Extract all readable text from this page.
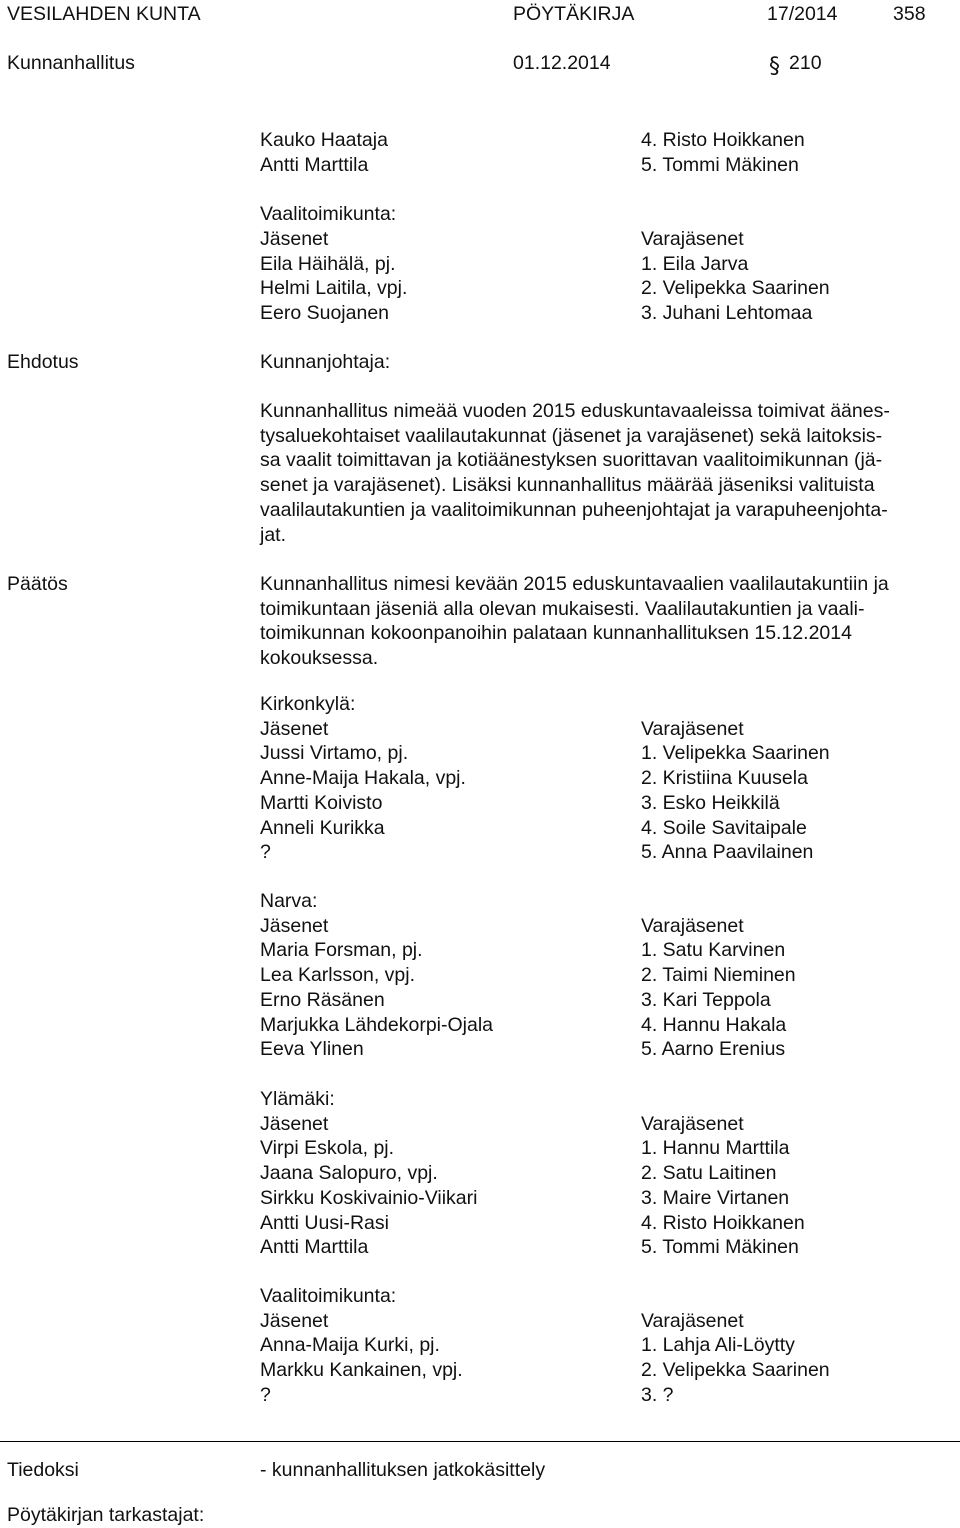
VESILAHDEN KUNTA	PÖYTÄKIRJA	17/2014	358
Kunnanhallitus	01.12.2014	§ 210
Kauko Haataja	4. Risto Hoikkanen
Antti Marttila	5. Tommi Mäkinen
Vaalitoimikunta:
Jäsenet	Varajäsenet
Eila Häihälä, pj.	1. Eila Jarva
Helmi Laitila, vpj.	2. Velipekka Saarinen
Eero Suojanen	3. Juhani Lehtomaa
Ehdotus	Kunnanjohtaja:
Kunnanhallitus nimeää vuoden 2015 eduskuntavaaleissa toimivat äänes-
tysaluekohtaiset vaalilautakunnat (jäsenet ja varajäsenet) sekä laitoksis-
sa vaalit toimittavan ja kotiäänestyksen suorittavan vaalitoimikunnan (jä-
senet ja varajäsenet). Lisäksi kunnanhallitus määrää jäseniksi valituista
vaalilautakuntien ja vaalitoimikunnan puheenjohtajat ja varapuheenjohta-
jat.
Päätös	Kunnanhallitus nimesi kevään 2015 eduskuntavaalien vaalilautakuntiin ja
toimikuntaan jäseniä alla olevan mukaisesti. Vaalilautakuntien ja vaali-
toimikunnan kokoonpanoihin palataan kunnanhallituksen 15.12.2014
kokouksessa.
Kirkonkylä:
Jäsenet	Varajäsenet
Jussi Virtamo, pj.	1. Velipekka Saarinen
Anne-Maija Hakala, vpj.	2. Kristiina Kuusela
Martti Koivisto	3. Esko Heikkilä
Anneli Kurikka	4. Soile Savitaipale
?	5. Anna Paavilainen
Narva:
Jäsenet	Varajäsenet
Maria Forsman, pj.	1. Satu Karvinen
Lea Karlsson, vpj.	2. Taimi Nieminen
Erno Räsänen	3. Kari Teppola
Marjukka Lähdekorpi-Ojala	4. Hannu Hakala
Eeva Ylinen	5. Aarno Erenius
Ylämäki:
Jäsenet	Varajäsenet
Virpi Eskola, pj.	1. Hannu Marttila
Jaana Salopuro, vpj.	2. Satu Laitinen
Sirkku Koskivainio-Viikari	3. Maire Virtanen
Antti Uusi-Rasi	4. Risto Hoikkanen
Antti Marttila	5. Tommi Mäkinen
Vaalitoimikunta:
Jäsenet	Varajäsenet
Anna-Maija Kurki, pj.	1. Lahja Ali-Löytty
Markku Kankainen, vpj.	2. Velipekka Saarinen
?	3. ?
Tiedoksi	- kunnanhallituksen jatkokäsittely
Pöytäkirjan tarkastajat:
